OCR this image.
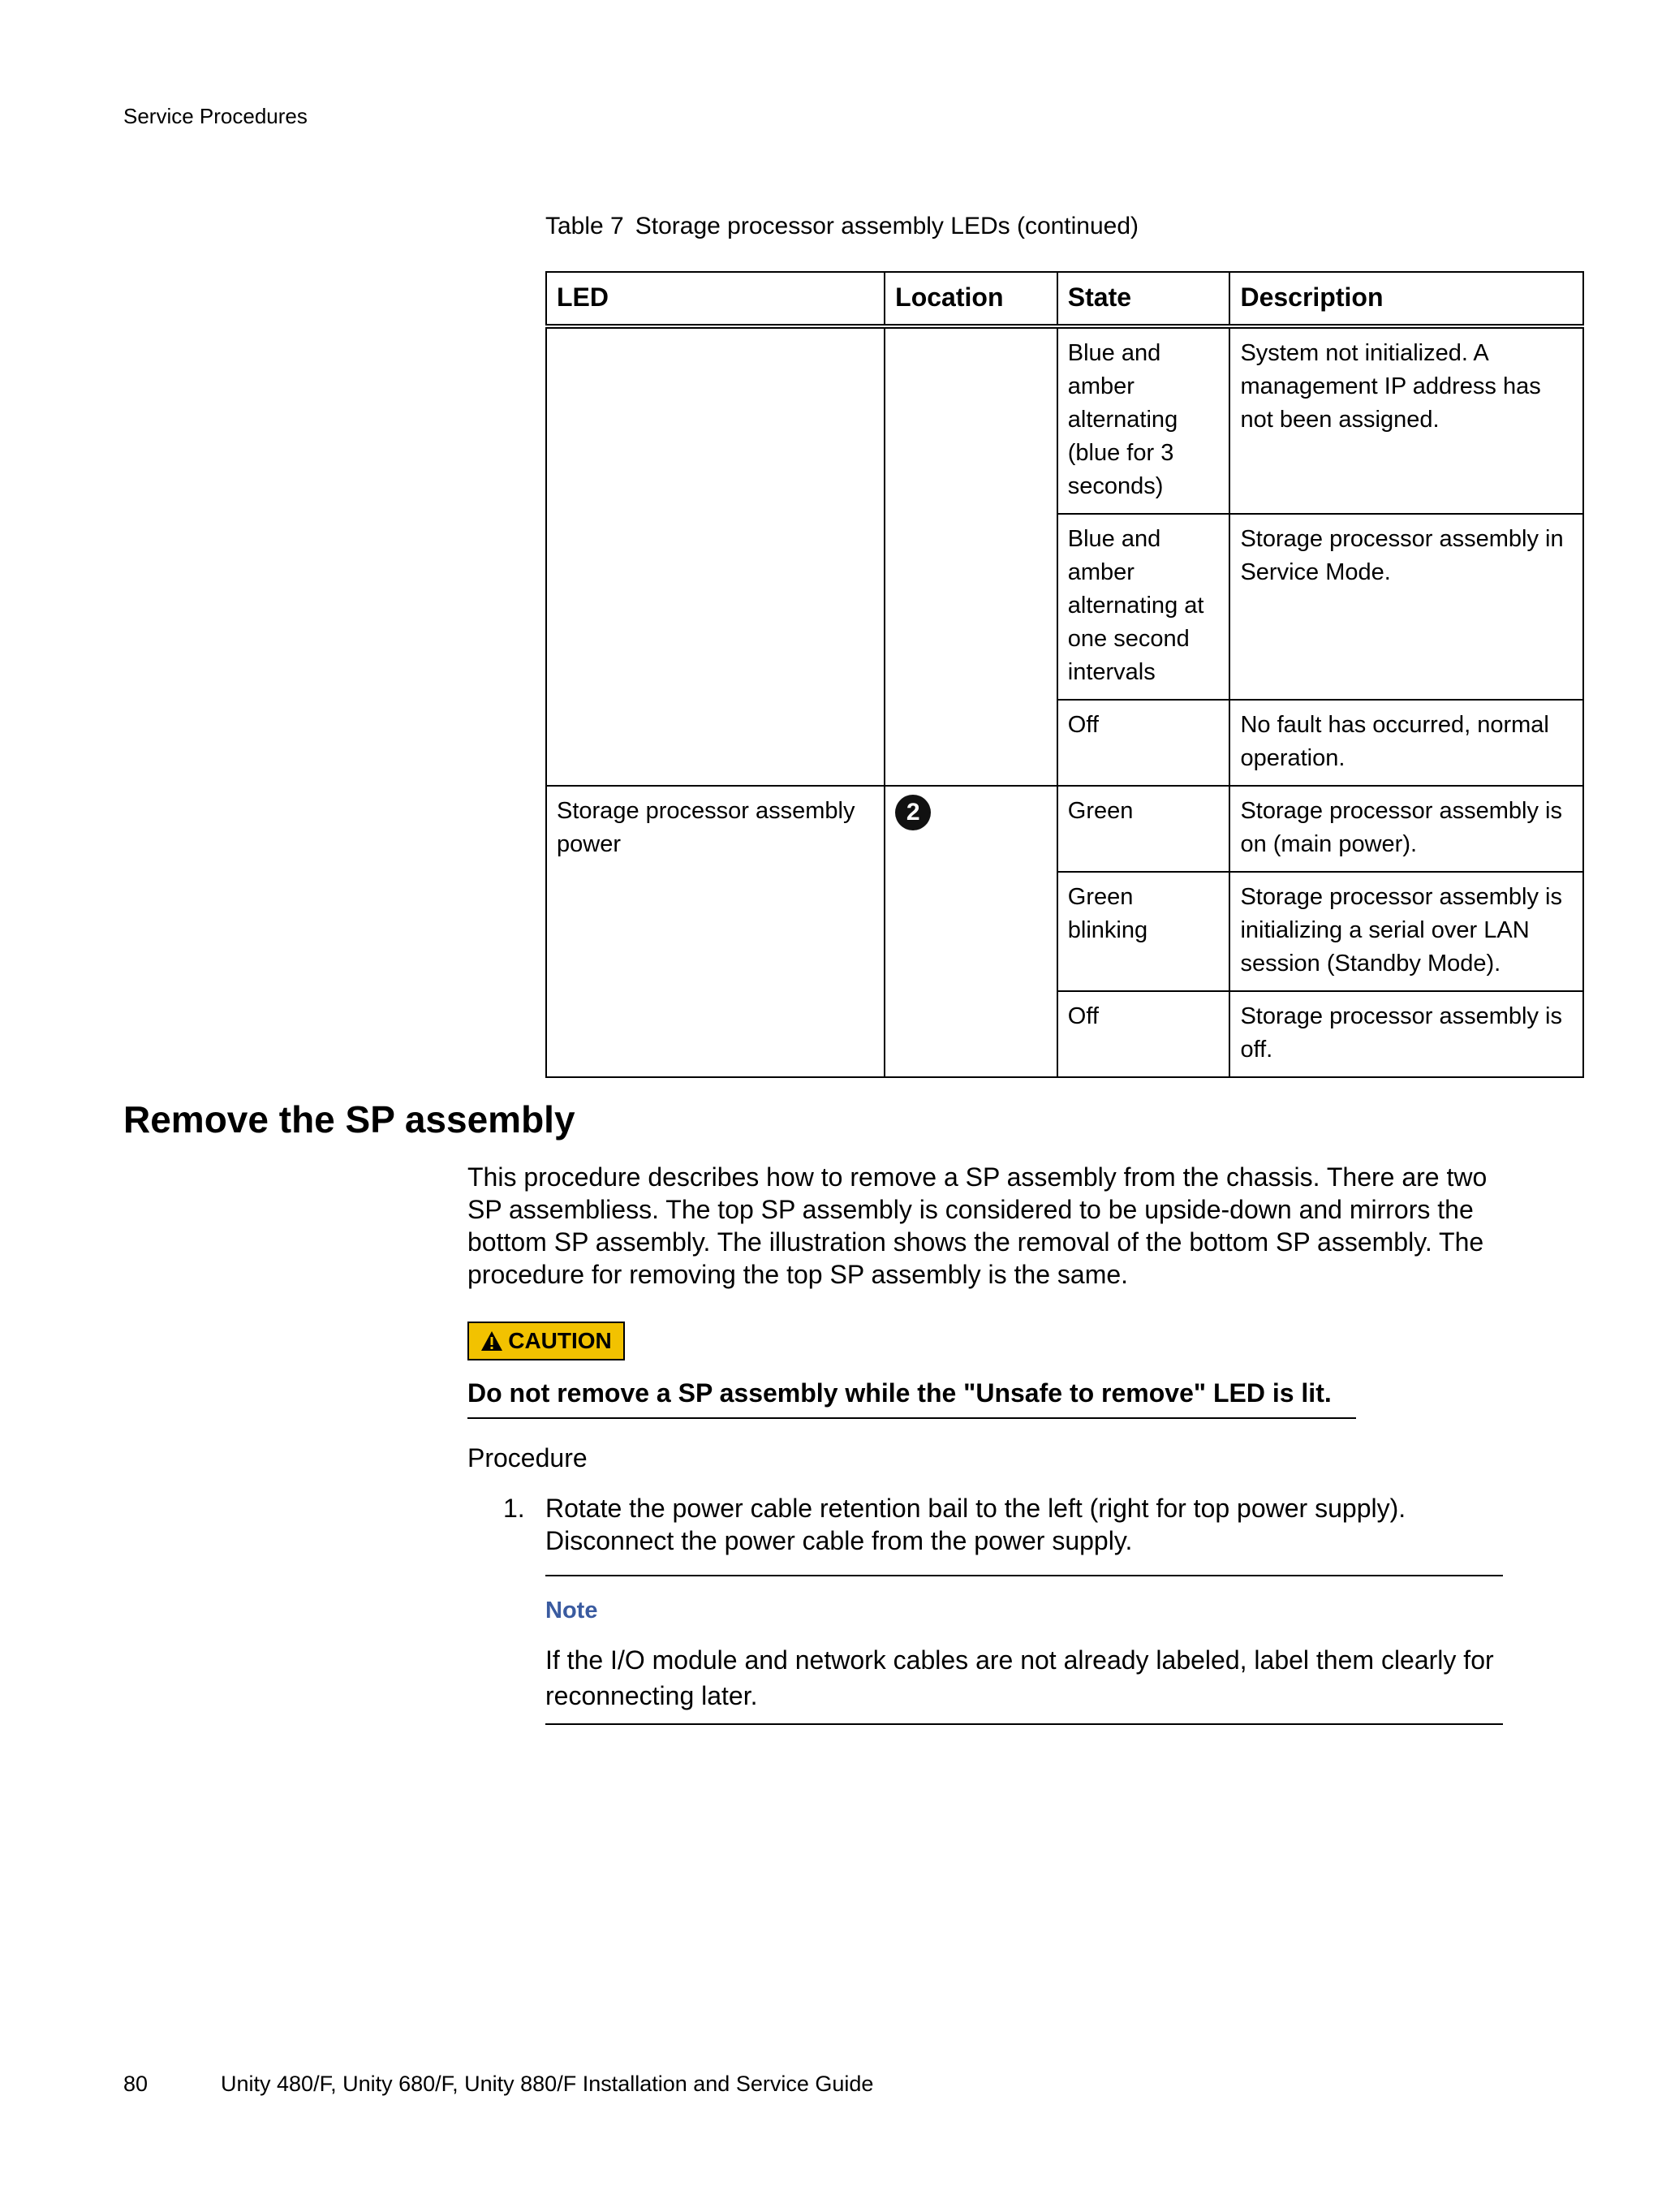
Service Procedures
Table 7 Storage processor assembly LEDs (continued)
LED	Location	State	Description
		Blue and amber alternating (blue for 3 seconds)	System not initialized. A management IP address has not been assigned.
		Blue and amber alternating at one second intervals	Storage processor assembly in Service Mode.
		Off	No fault has occurred, normal operation.
Storage processor assembly power	2	Green	Storage processor assembly is on (main power).
		Green blinking	Storage processor assembly is initializing a serial over LAN session (Standby Mode).
		Off	Storage processor assembly is off.
Remove the SP assembly

This procedure describes how to remove a SP assembly from the chassis. There are two SP assembliess. The top SP assembly is considered to be upside-down and mirrors the bottom SP assembly. The illustration shows the removal of the bottom SP assembly. The procedure for removing the top SP assembly is the same.

CAUTION

Do not remove a SP assembly while the "Unsafe to remove" LED is lit.

Procedure
1. Rotate the power cable retention bail to the left (right for top power supply). Disconnect the power cable from the power supply.

Note

If the I/O module and network cables are not already labeled, label them clearly for reconnecting later.

80	Unity 480/F, Unity 680/F, Unity 880/F Installation and Service Guide
